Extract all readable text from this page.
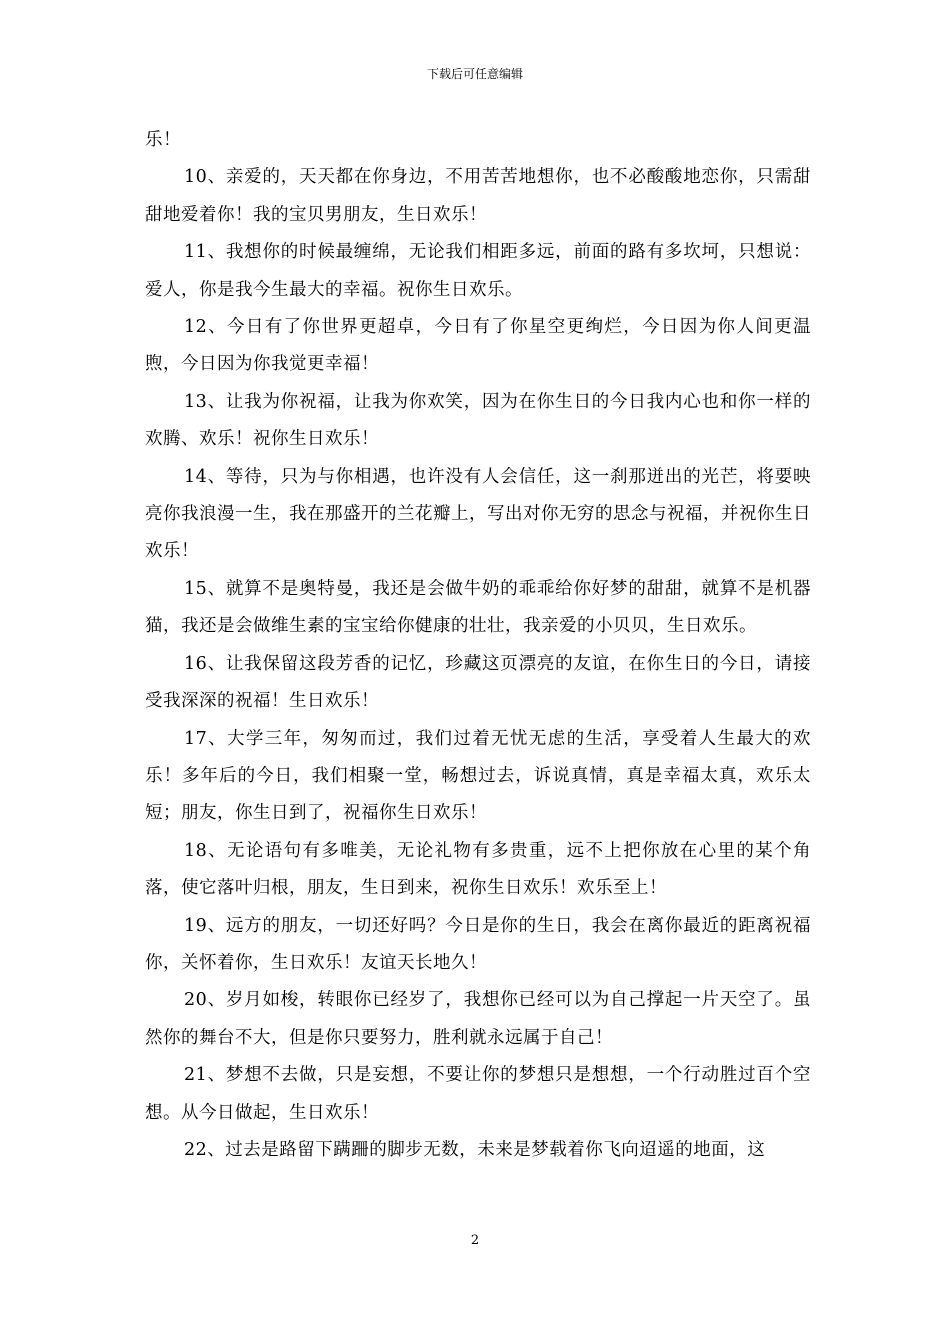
下载后可任意编辑

乐！

10、亲爱的，天天都在你身边，不用苦苦地想你，也不必酸酸地恋你，只需甜甜地爱着你！我的宝贝男朋友，生日欢乐！

11、我想你的时候最缠绵，无论我们相距多远，前面的路有多坎坷，只想说：爱人，你是我今生最大的幸福。祝你生日欢乐。

12、今日有了你世界更超卓，今日有了你星空更绚烂，今日因为你人间更温煦，今日因为你我觉更幸福！

13、让我为你祝福，让我为你欢笑，因为在你生日的今日我内心也和你一样的欢腾、欢乐！祝你生日欢乐！

14、等待，只为与你相遇，也许没有人会信任，这一刹那迸出的光芒，将要映亮你我浪漫一生，我在那盛开的兰花瓣上，写出对你无穷的思念与祝福，并祝你生日欢乐！

15、就算不是奥特曼，我还是会做牛奶的乖乖给你好梦的甜甜，就算不是机器猫，我还是会做维生素的宝宝给你健康的壮壮，我亲爱的小贝贝，生日欢乐。

16、让我保留这段芳香的记忆，珍藏这页漂亮的友谊，在你生日的今日，请接受我深深的祝福！生日欢乐！

17、大学三年，匆匆而过，我们过着无忧无虑的生活，享受着人生最大的欢乐！多年后的今日，我们相聚一堂，畅想过去，诉说真情，真是幸福太真，欢乐太短；朋友，你生日到了，祝福你生日欢乐！

18、无论语句有多唯美，无论礼物有多贵重，远不上把你放在心里的某个角落，使它落叶归根，朋友，生日到来，祝你生日欢乐！欢乐至上！

19、远方的朋友，一切还好吗？今日是你的生日，我会在离你最近的距离祝福你，关怀着你，生日欢乐！友谊天长地久！

20、岁月如梭，转眼你已经岁了，我想你已经可以为自己撑起一片天空了。虽然你的舞台不大，但是你只要努力，胜利就永远属于自己！

21、梦想不去做，只是妄想，不要让你的梦想只是想想，一个行动胜过百个空想。从今日做起，生日欢乐！

22、过去是路留下蹒跚的脚步无数，未来是梦载着你飞向迢遥的地面，这

2
